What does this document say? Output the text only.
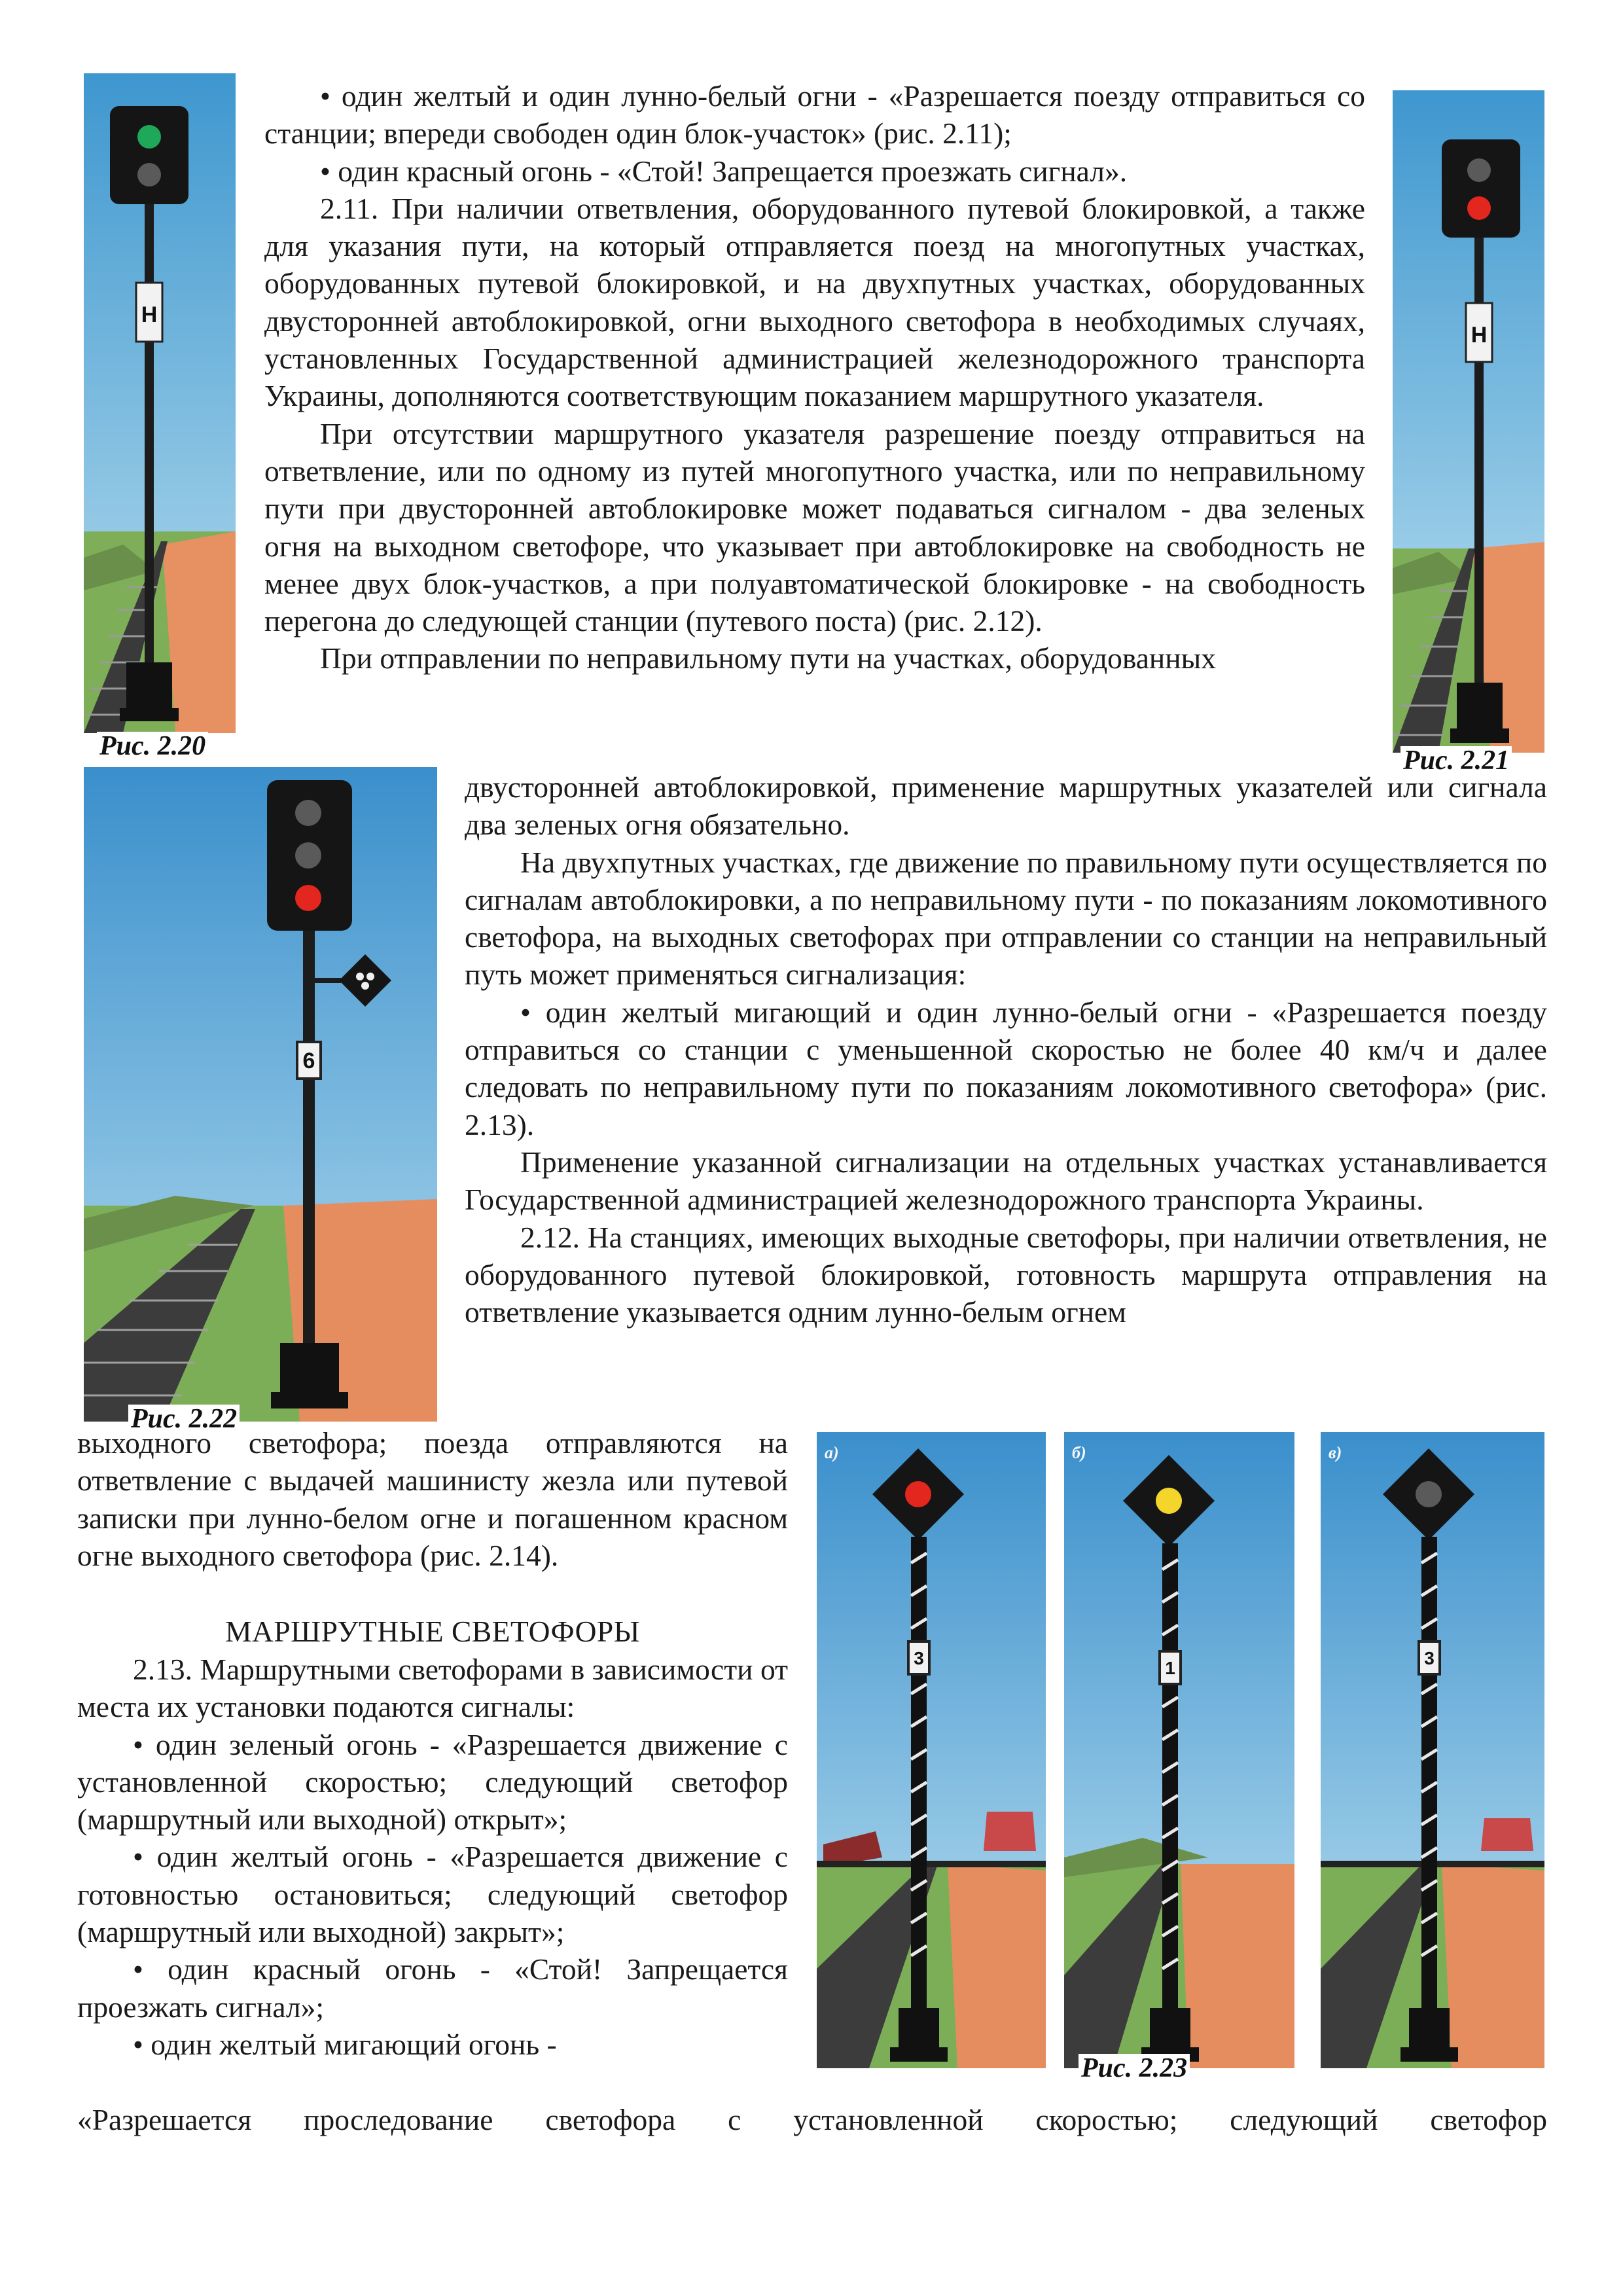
Н
Н
6
3
а)
1
б)
3
в)
Рис. 2.20	Рис. 2.21
Рис. 2.22
Рис. 2.23

• один желтый и один лунно-белый огни - «Разрешается поезду отправиться со станции; впереди свободен один блок-участок» (рис. 2.11);

• один красный огонь - «Стой! Запрещается проезжать сигнал».

2.11. При наличии ответвления, оборудованного путевой блокировкой, а также для указания пути, на который отправляется поезд на многопутных участках, оборудованных путевой блокировкой, и на двухпутных участках, оборудованных двусторонней автоблокировкой, огни выходного светофора в необходимых случаях, установленных Государственной администрацией железнодорожного транспорта Украины, дополняются соответствующим показанием маршрутного указателя.

При отсутствии маршрутного указателя разрешение поезду отправиться на ответвление, или по одному из путей многопутного участка, или по неправильному пути при двусторонней автоблокировке может подаваться сигналом - два зеленых огня на выходном светофоре, что указывает при автоблокировке на свободность не менее двух блок-участков, а при полуавтоматической блокировке - на свободность перегона до следующей станции (путевого поста) (рис. 2.12).

При отправлении по неправильному пути на участках, оборудованных

двусторонней автоблокировкой, применение маршрутных указателей или сигнала два зеленых огня обязательно.

На двухпутных участках, где движение по правильному пути осуществляется по сигналам автоблокировки, а по неправильному пути - по показаниям локомотивного светофора, на выходных светофорах при отправлении со станции на неправильный путь может применяться сигнализация:

• один желтый мигающий и один лунно-белый огни - «Разрешается поезду отправиться со станции с уменьшенной скоростью не более 40 км/ч и далее следовать по неправильному пути по показаниям локомотивного светофора» (рис. 2.13).

Применение указанной сигнализации на отдельных участках устанавливается Государственной администрацией железнодорожного транспорта Украины.

2.12. На станциях, имеющих выходные светофоры, при наличии ответвления, не оборудованного путевой блокировкой, готовность маршрута отправления на ответвление указывается одним лунно-белым огнем

выходного светофора; поезда отправляются на ответвление с выдачей машинисту жезла или путевой записки при лунно-белом огне и погашенном красном огне выходного светофора (рис. 2.14).

МАРШРУТНЫЕ СВЕТОФОРЫ

2.13. Маршрутными светофорами в зависимости от места их установки подаются сигналы:

• один зеленый огонь - «Разрешается движение с установленной скоростью; следующий светофор (маршрутный или выходной) открыт»;

• один желтый огонь - «Разрешается движение с готовностью остановиться; следующий светофор (маршрутный или выходной) закрыт»;

• один красный огонь - «Стой! Запрещается проезжать сигнал»;

• один желтый мигающий огонь -

«Разрешается проследование светофора с установленной скоростью; следующий светофор
